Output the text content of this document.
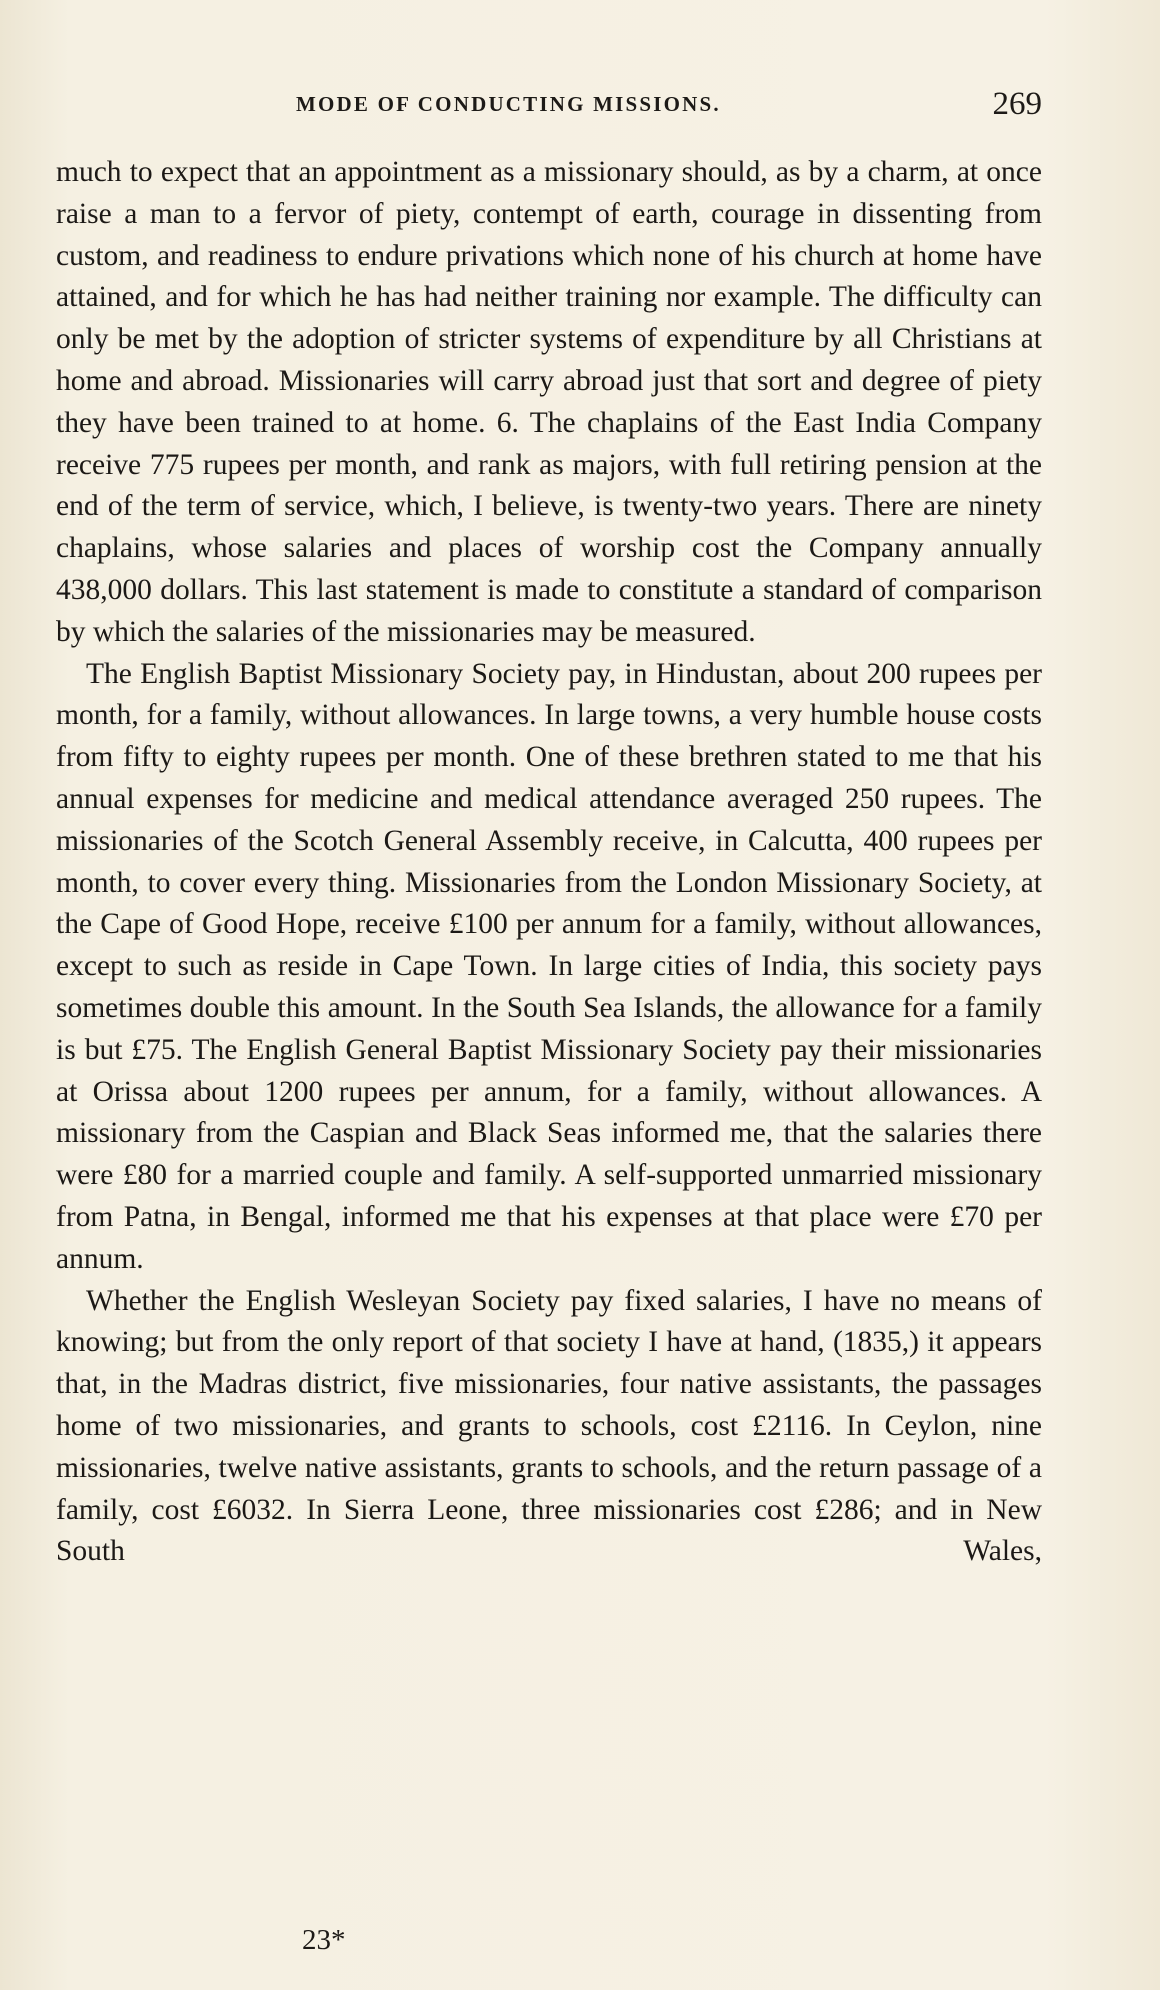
MODE OF CONDUCTING MISSIONS.	269

much to expect that an appointment as a missionary should, as by a charm, at once raise a man to a fervor of piety, contempt of earth, courage in dissenting from custom, and readiness to endure privations which none of his church at home have attained, and for which he has had neither training nor example. The difficulty can only be met by the adoption of stricter systems of expenditure by all Christians at home and abroad. Missionaries will carry abroad just that sort and degree of piety they have been trained to at home. 6. The chaplains of the East India Company receive 775 rupees per month, and rank as majors, with full retiring pension at the end of the term of service, which, I believe, is twenty-two years. There are ninety chaplains, whose salaries and places of worship cost the Company annually 438,000 dollars. This last statement is made to constitute a standard of comparison by which the salaries of the missionaries may be measured.

The English Baptist Missionary Society pay, in Hindustan, about 200 rupees per month, for a family, without allowances. In large towns, a very humble house costs from fifty to eighty rupees per month. One of these brethren stated to me that his annual expenses for medicine and medical attendance averaged 250 rupees. The missionaries of the Scotch General Assembly receive, in Calcutta, 400 rupees per month, to cover every thing. Missionaries from the London Missionary Society, at the Cape of Good Hope, receive £100 per annum for a family, without allowances, except to such as reside in Cape Town. In large cities of India, this society pays sometimes double this amount. In the South Sea Islands, the allowance for a family is but £75. The English General Baptist Missionary Society pay their missionaries at Orissa about 1200 rupees per annum, for a family, without allowances. A missionary from the Caspian and Black Seas informed me, that the salaries there were £80 for a married couple and family. A self-supported unmarried missionary from Patna, in Bengal, informed me that his expenses at that place were £70 per annum.

Whether the English Wesleyan Society pay fixed salaries, I have no means of knowing; but from the only report of that society I have at hand, (1835,) it appears that, in the Madras district, five missionaries, four native assistants, the passages home of two missionaries, and grants to schools, cost £2116. In Ceylon, nine missionaries, twelve native assistants, grants to schools, and the return passage of a family, cost £6032. In Sierra Leone, three missionaries cost £286; and in New South Wales,

23*
